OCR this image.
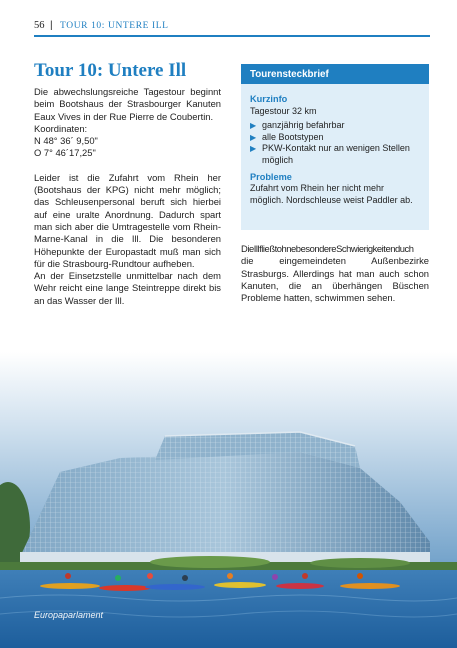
56 | TOUR 10: UNTERE ILL
Tour 10: Untere Ill

Die abwechslungsreiche Tagestour beginnt beim Bootshaus der Strasbourger Kanuten Eaux Vives in der Rue Pierre de Coubertin.

Koordinaten:
N 48° 36´ 9,50"
O 7° 46´17,25"

Leider ist die Zufahrt vom Rhein her (Bootshaus der KPG) nicht mehr möglich; das Schleusenpersonal beruft sich hierbei auf eine uralte Anordnung. Dadurch spart man sich aber die Umtragestelle vom Rhein-Marne-Kanal in die Ill. Die besonderen Höhepunkte der Europastadt muß man sich für die Strasbourg-Rundtour aufheben.

An der Einsetzstelle unmittelbar nach dem Wehr reicht eine lange Steintreppe direkt bis an das Wasser der Ill.

Tourensteckbrief
Kurzinfo
Tagestour 32 km
▶ ganzjährig befahrbar
▶ alle Bootstypen
▶ PKW-Kontakt nur an wenigen Stellen möglich
Probleme
Zufahrt vom Rhein her nicht mehr möglich. Nordschleuse weist Paddler ab.
DieIllfließtohnebesondereSchwierigkeitenduch
die eingemeindeten Außenbezirke Strasburgs. Allerdings hat man auch schon Kanuten, die an überhängen Büschen Probleme hatten, schwimmen sehen.
Europaparlament
